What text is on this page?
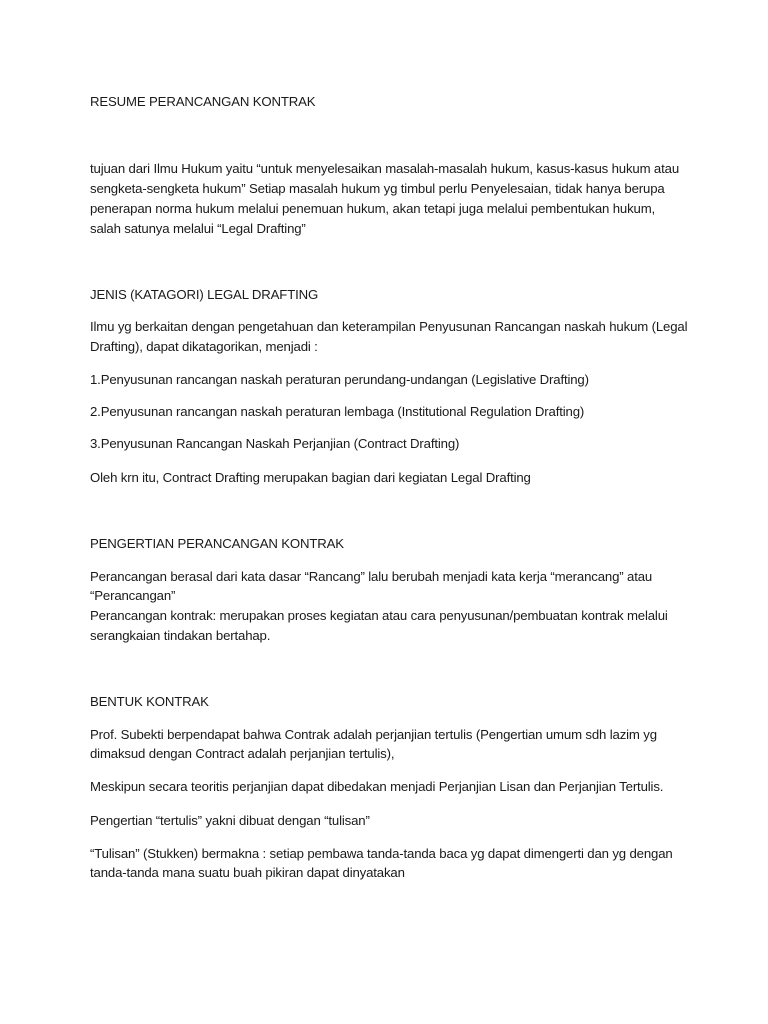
RESUME PERANCANGAN KONTRAK
tujuan dari Ilmu Hukum yaitu “untuk menyelesaikan masalah-masalah hukum, kasus-kasus hukum atau
sengketa-sengketa hukum” Setiap masalah hukum yg timbul perlu Penyelesaian, tidak hanya berupa
penerapan norma hukum melalui penemuan hukum, akan tetapi juga melalui pembentukan hukum,
salah satunya melalui “Legal Drafting”
JENIS (KATAGORI) LEGAL DRAFTING
Ilmu yg berkaitan dengan pengetahuan dan keterampilan Penyusunan Rancangan naskah hukum (Legal
Drafting), dapat dikatagorikan, menjadi :
1.Penyusunan rancangan naskah peraturan perundang-undangan (Legislative Drafting)
2.Penyusunan rancangan naskah peraturan lembaga (Institutional Regulation Drafting)
3.Penyusunan Rancangan Naskah Perjanjian (Contract Drafting)
Oleh krn itu, Contract Drafting merupakan bagian dari kegiatan Legal Drafting
PENGERTIAN PERANCANGAN KONTRAK
Perancangan berasal dari kata dasar “Rancang” lalu berubah menjadi kata kerja “merancang” atau
“Perancangan”
Perancangan kontrak: merupakan proses kegiatan atau cara penyusunan/pembuatan kontrak melalui
serangkaian tindakan bertahap.
BENTUK KONTRAK
Prof. Subekti berpendapat bahwa Contrak adalah perjanjian tertulis (Pengertian umum sdh lazim yg
dimaksud dengan Contract adalah perjanjian tertulis),
Meskipun secara teoritis perjanjian dapat dibedakan menjadi Perjanjian Lisan dan Perjanjian Tertulis.
Pengertian “tertulis” yakni dibuat dengan “tulisan”
“Tulisan” (Stukken) bermakna : setiap pembawa tanda-tanda baca yg dapat dimengerti dan yg dengan
tanda-tanda mana suatu buah pikiran dapat dinyatakan
